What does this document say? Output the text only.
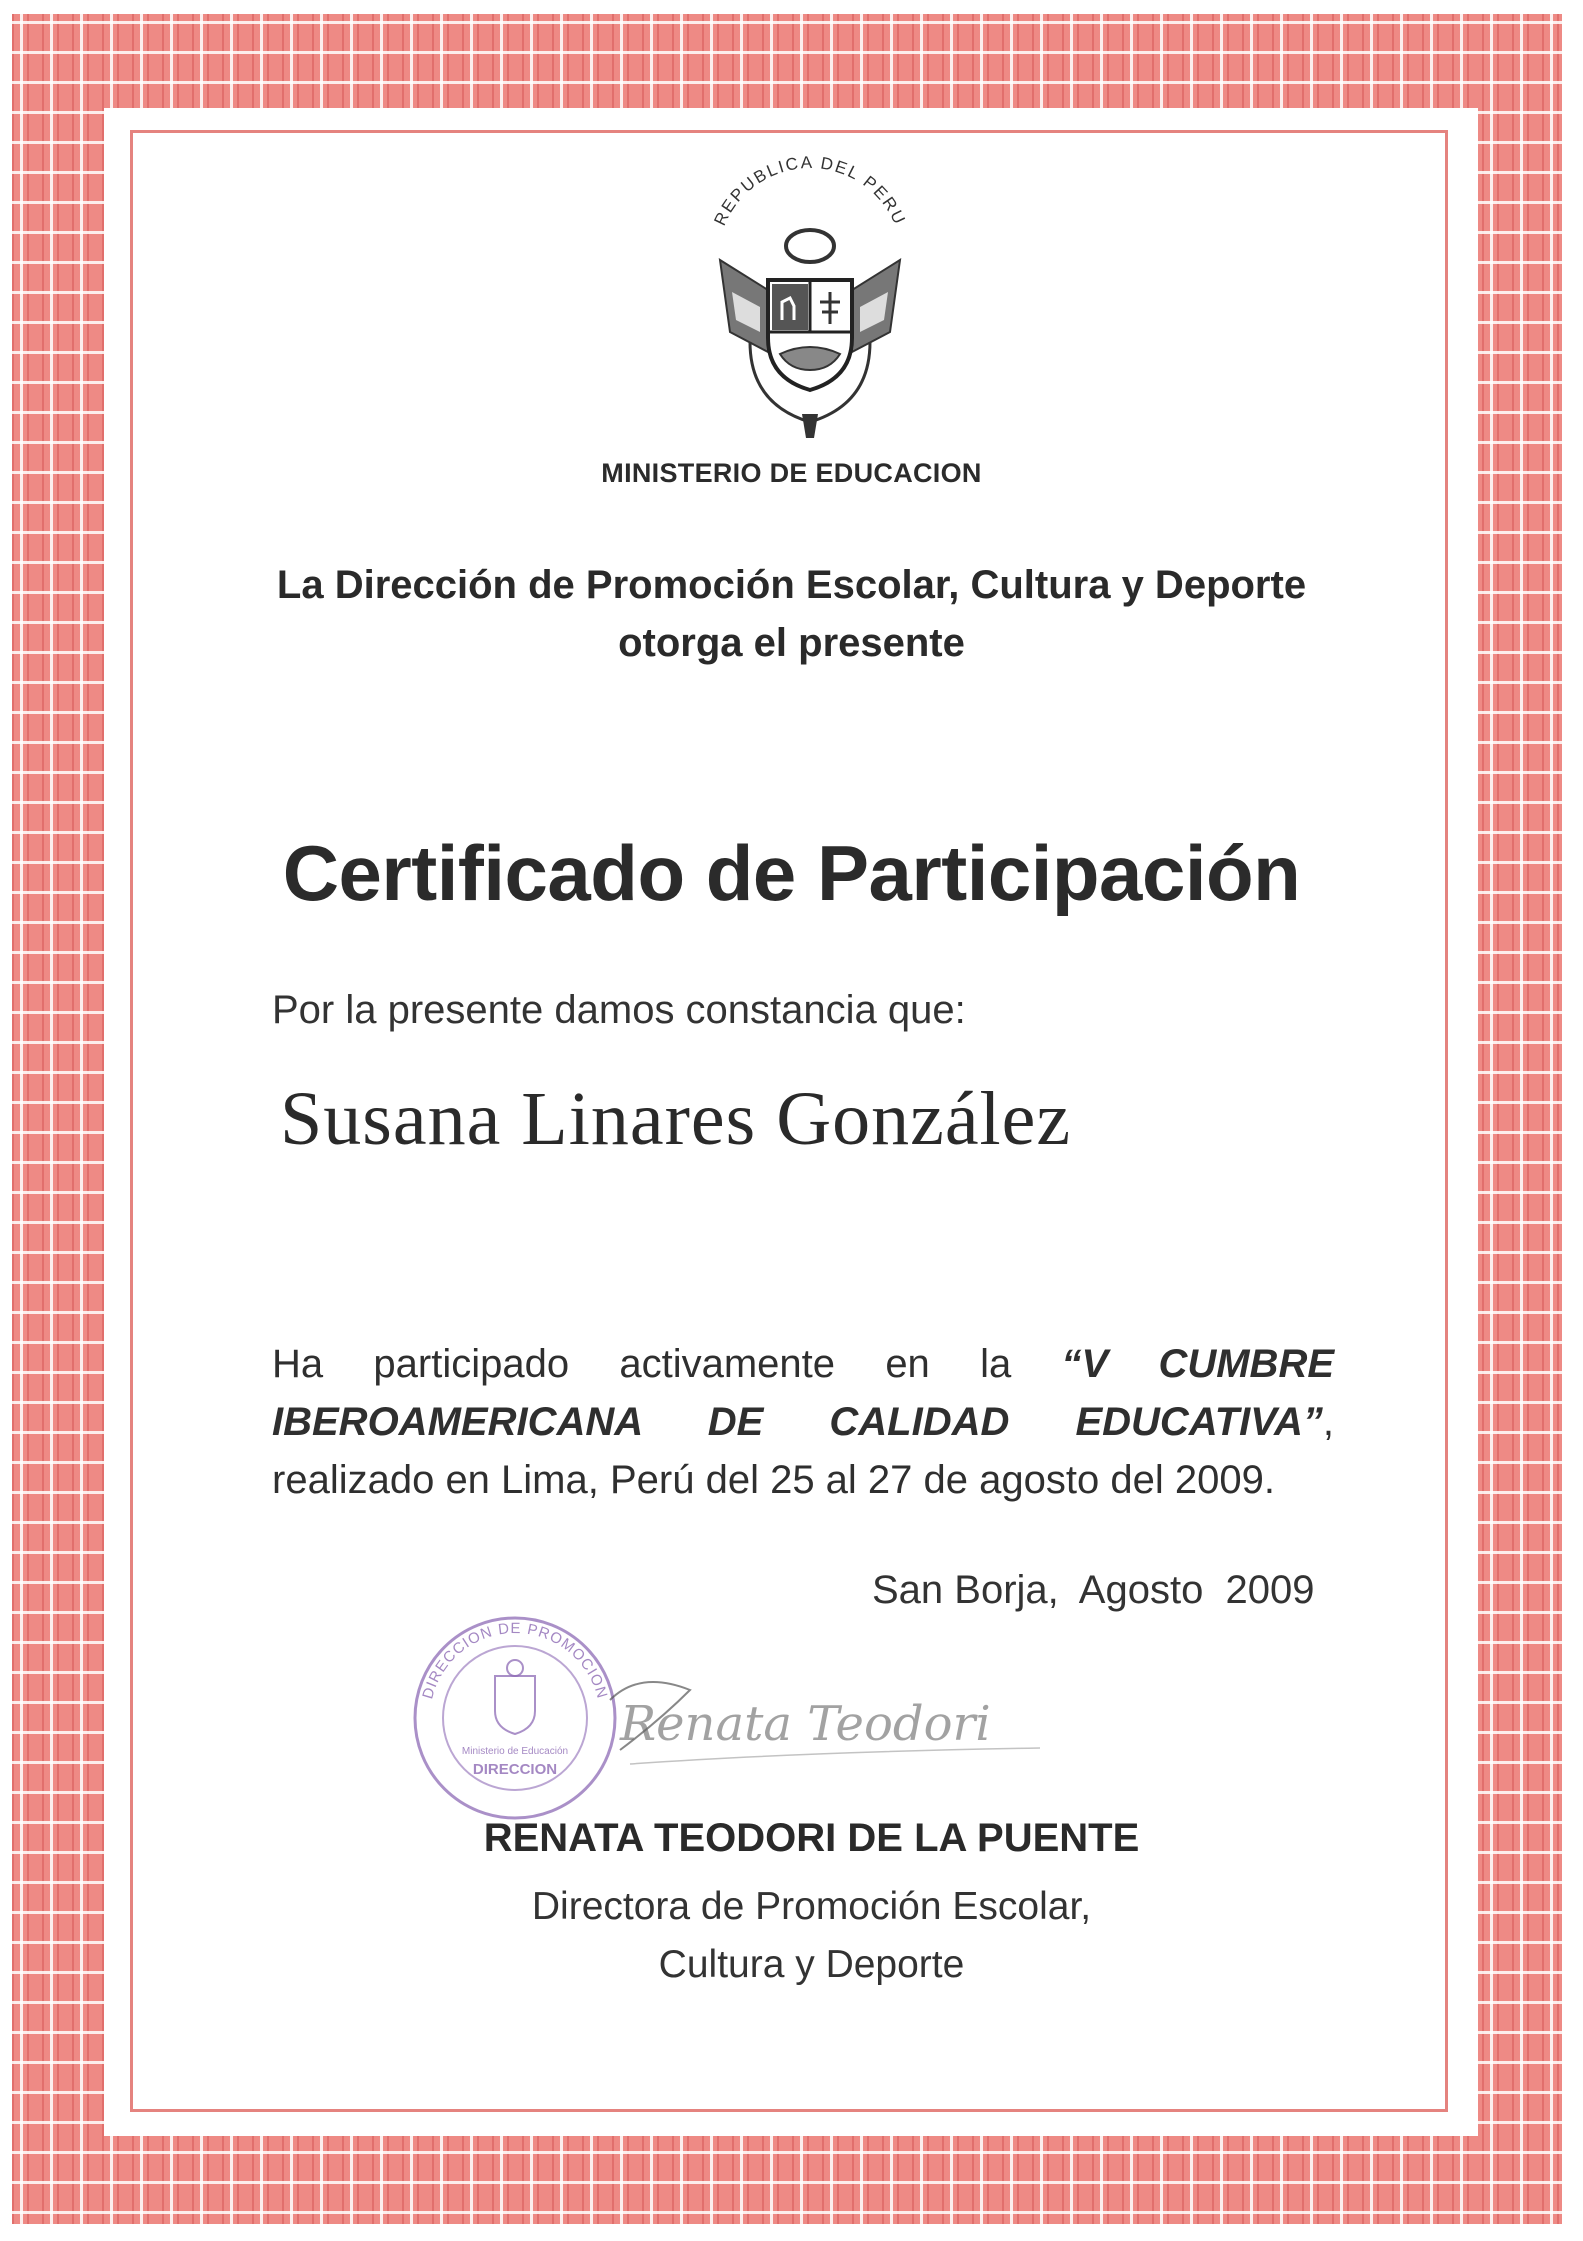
REPUBLICA DEL PERU
MINISTERIO DE EDUCACION
La Dirección de Promoción Escolar, Cultura y Deporte
otorga el presente
Certificado de Participación
Por la presente damos constancia que:
Susana Linares González
Ha participado activamente en la “V CUMBRE IBEROAMERICANA DE CALIDAD EDUCATIVA”, realizado en Lima, Perú del 25 al 27 de agosto del 2009.
San Borja,  Agosto  2009
DIRECCION DE PROMOCION
Ministerio de Educación
DIRECCION
Renata Teodori
RENATA TEODORI DE LA PUENTE
Directora de Promoción Escolar,
Cultura y Deporte
